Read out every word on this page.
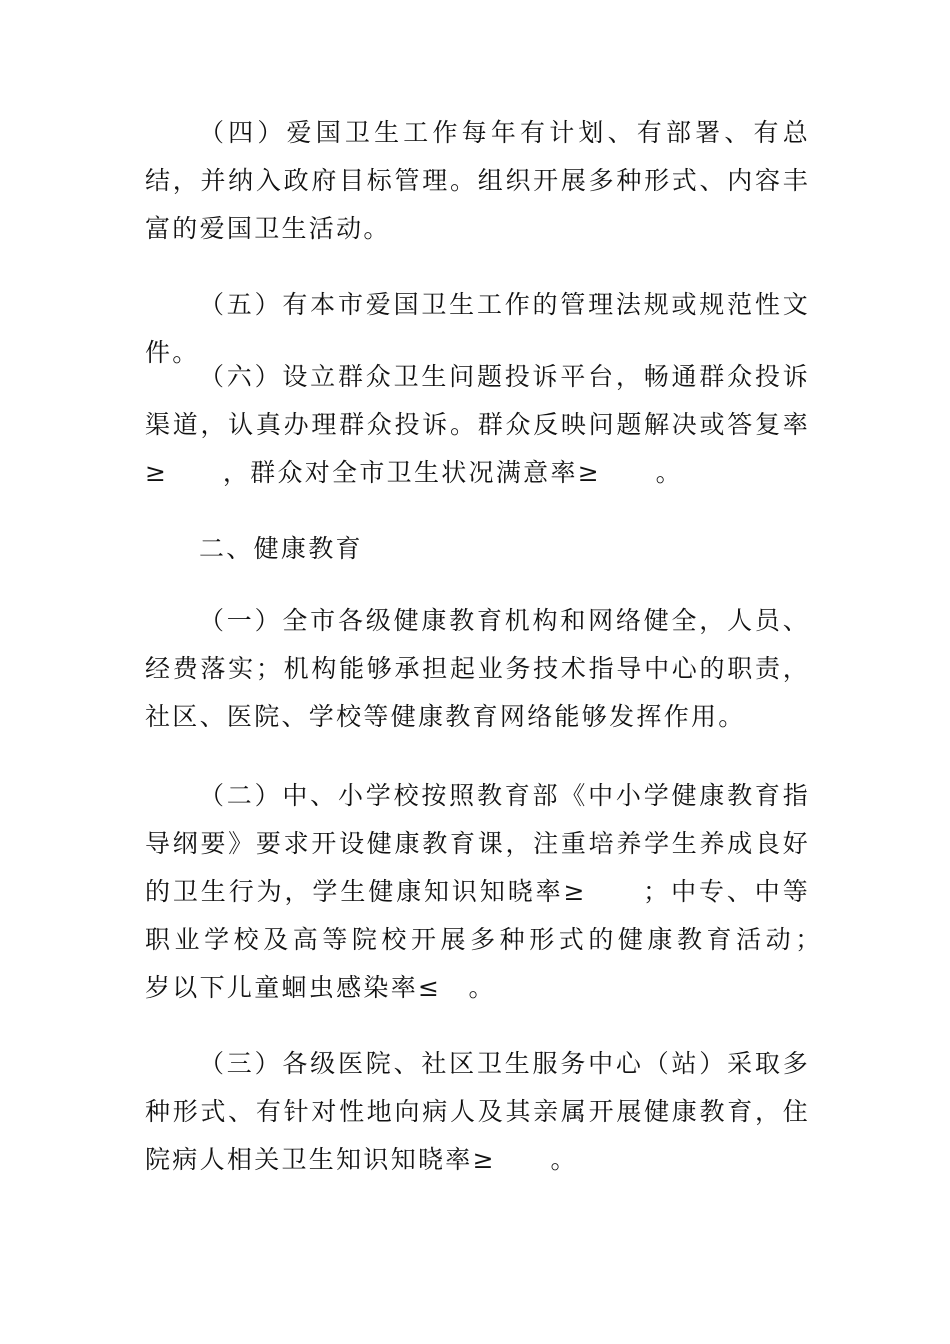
（四）爱国卫生工作每年有计划、有部署、有总结，并纳入政府目标管理。组织开展多种形式、内容丰富的爱国卫生活动。

（五）有本市爱国卫生工作的管理法规或规范性文件。

（六）设立群众卫生问题投诉平台，畅通群众投诉渠道，认真办理群众投诉。群众反映问题解决或答复率≥　　，群众对全市卫生状况满意率≥　　。

二、健康教育

（一）全市各级健康教育机构和网络健全，人员、经费落实；机构能够承担起业务技术指导中心的职责，社区、医院、学校等健康教育网络能够发挥作用。

（二）中、小学校按照教育部《中小学健康教育指导纲要》要求开设健康教育课，注重培养学生养成良好的卫生行为，学生健康知识知晓率≥　　；中专、中等职业学校及高等院校开展多种形式的健康教育活动；　岁以下儿童蛔虫感染率≤　。

（三）各级医院、社区卫生服务中心（站）采取多种形式、有针对性地向病人及其亲属开展健康教育，住院病人相关卫生知识知晓率≥　　。
